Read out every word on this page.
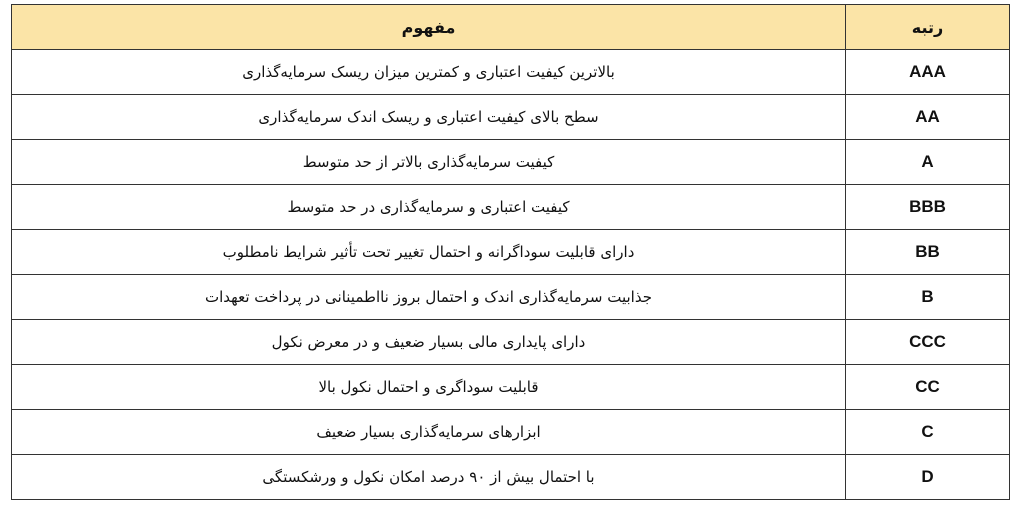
مفهوم	رتبه
بالاترین کیفیت اعتباری و کمترین میزان ریسک سرمایه‌گذاری	AAA
سطح بالای کیفیت اعتباری و ریسک اندک سرمایه‌گذاری	AA
کیفیت سرمایه‌گذاری بالاتر از حد متوسط	A
کیفیت اعتباری و سرمایه‌گذاری در حد متوسط	BBB
دارای قابلیت سوداگرانه و احتمال تغییر تحت تأثیر شرایط نامطلوب	BB
جذابیت سرمایه‌گذاری اندک و احتمال بروز نااطمینانی در پرداخت تعهدات	B
دارای پایداری مالی بسیار ضعیف و در معرض نکول	CCC
قابلیت سوداگری و احتمال نکول بالا	CC
ابزارهای سرمایه‌گذاری بسیار ضعیف	C
با احتمال بیش از ۹۰ درصد امکان نکول و ورشکستگی	D
